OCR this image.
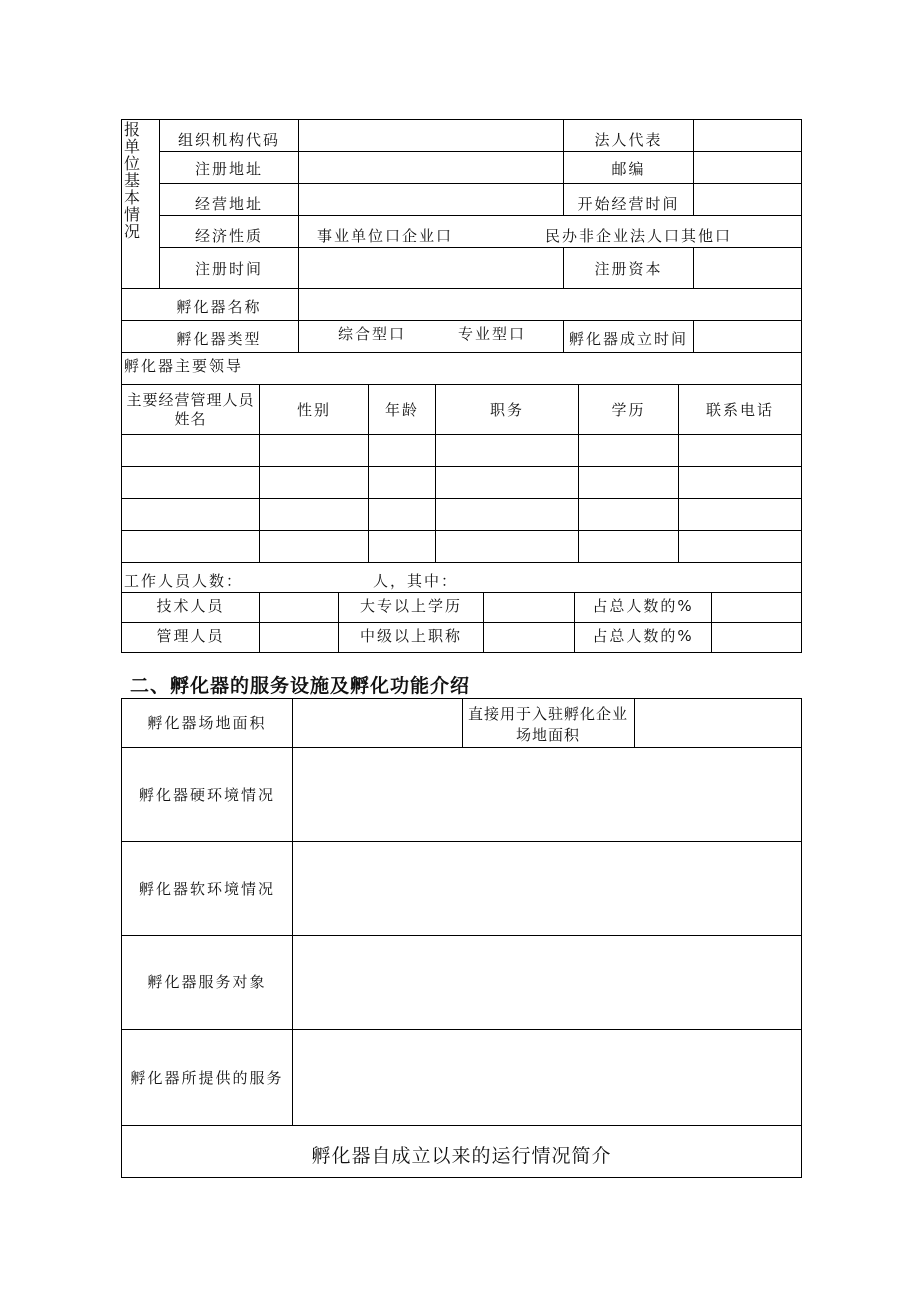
报单位基本情况
组织机构代码	法人代表
注册地址	邮编
经营地址	开始经营时间
经济性质	事业单位口企业口	民办非企业法人口其他口
注册时间	注册资本
孵化器名称
孵化器类型	综合型口	专业型口	孵化器成立时间
孵化器主要领导
主要经营管理人员姓名	性别	年龄	职务	学历	联系电话
工作人员人数：	人，其中：
技术人员	大专以上学历	占总人数的%
管理人员	中级以上职称	占总人数的%
二、孵化器的服务设施及孵化功能介绍
孵化器场地面积	直接用于入驻孵化企业场地面积
孵化器硬环境情况
孵化器软环境情况
孵化器服务对象
孵化器所提供的服务
孵化器自成立以来的运行情况简介
